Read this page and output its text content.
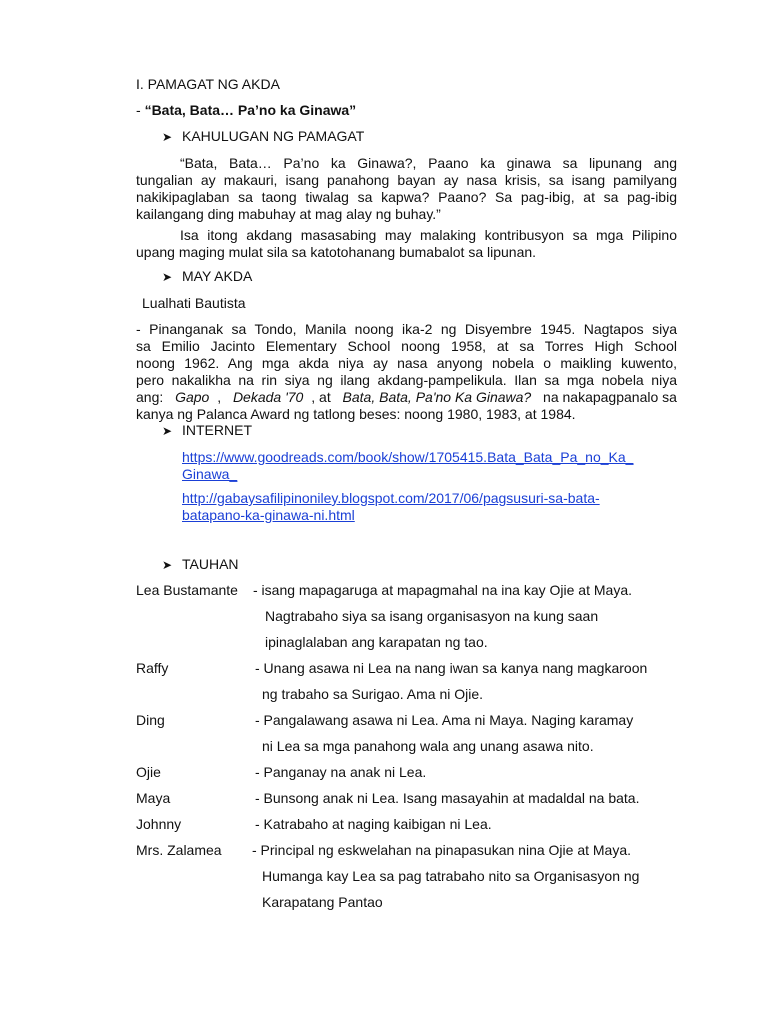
I. PAMAGAT NG AKDA
- “Bata, Bata… Pa’no ka Ginawa”
➤ KAHULUGAN NG PAMAGAT
“Bata, Bata… Pa’no ka Ginawa?, Paano ka ginawa sa lipunang ang
tungalian ay makauri, isang panahong bayan ay nasa krisis, sa isang pamilyang
nakikipaglaban sa taong tiwalag sa kapwa? Paano? Sa pag-ibig, at sa pag-ibig
kailangang ding mabuhay at mag alay ng buhay.”
Isa itong akdang masasabing may malaking kontribusyon sa mga Pilipino
upang maging mulat sila sa katotohanang bumabalot sa lipunan.
➤ MAY AKDA
Lualhati Bautista
- Pinanganak sa Tondo, Manila noong ika-2 ng Disyembre 1945. Nagtapos siya
sa Emilio Jacinto Elementary School noong 1958, at sa Torres High School
noong 1962. Ang mga akda niya ay nasa anyong nobela o maikling kuwento,
pero nakalikha na rin siya ng ilang akdang-pampelikula. Ilan sa mga nobela niya
ang: Gapo , Dekada '70 , at Bata, Bata, Pa'no Ka Ginawa? na nakapagpanalo sa
kanya ng Palanca Award ng tatlong beses: noong 1980, 1983, at 1984.
➤ INTERNET
https://www.goodreads.com/book/show/1705415.Bata_Bata_Pa_no_Ka_
Ginawa_
http://gabaysafilipinoniley.blogspot.com/2017/06/pagsusuri-sa-bata-
batapano-ka-ginawa-ni.html
➤ TAUHAN
Lea Bustamante - isang mapagaruga at mapagmahal na ina kay Ojie at Maya.
Nagtrabaho siya sa isang organisasyon na kung saan
ipinaglalaban ang karapatan ng tao.
Raffy	- Unang asawa ni Lea na nang iwan sa kanya nang magkaroon
ng trabaho sa Surigao. Ama ni Ojie.
Ding	- Pangalawang asawa ni Lea. Ama ni Maya. Naging karamay
ni Lea sa mga panahong wala ang unang asawa nito.
Ojie	- Panganay na anak ni Lea.
Maya	- Bunsong anak ni Lea. Isang masayahin at madaldal na bata.
Johnny	- Katrabaho at naging kaibigan ni Lea.
Mrs. Zalamea - Principal ng eskwelahan na pinapasukan nina Ojie at Maya.
Humanga kay Lea sa pag tatrabaho nito sa Organisasyon ng
Karapatang Pantao
